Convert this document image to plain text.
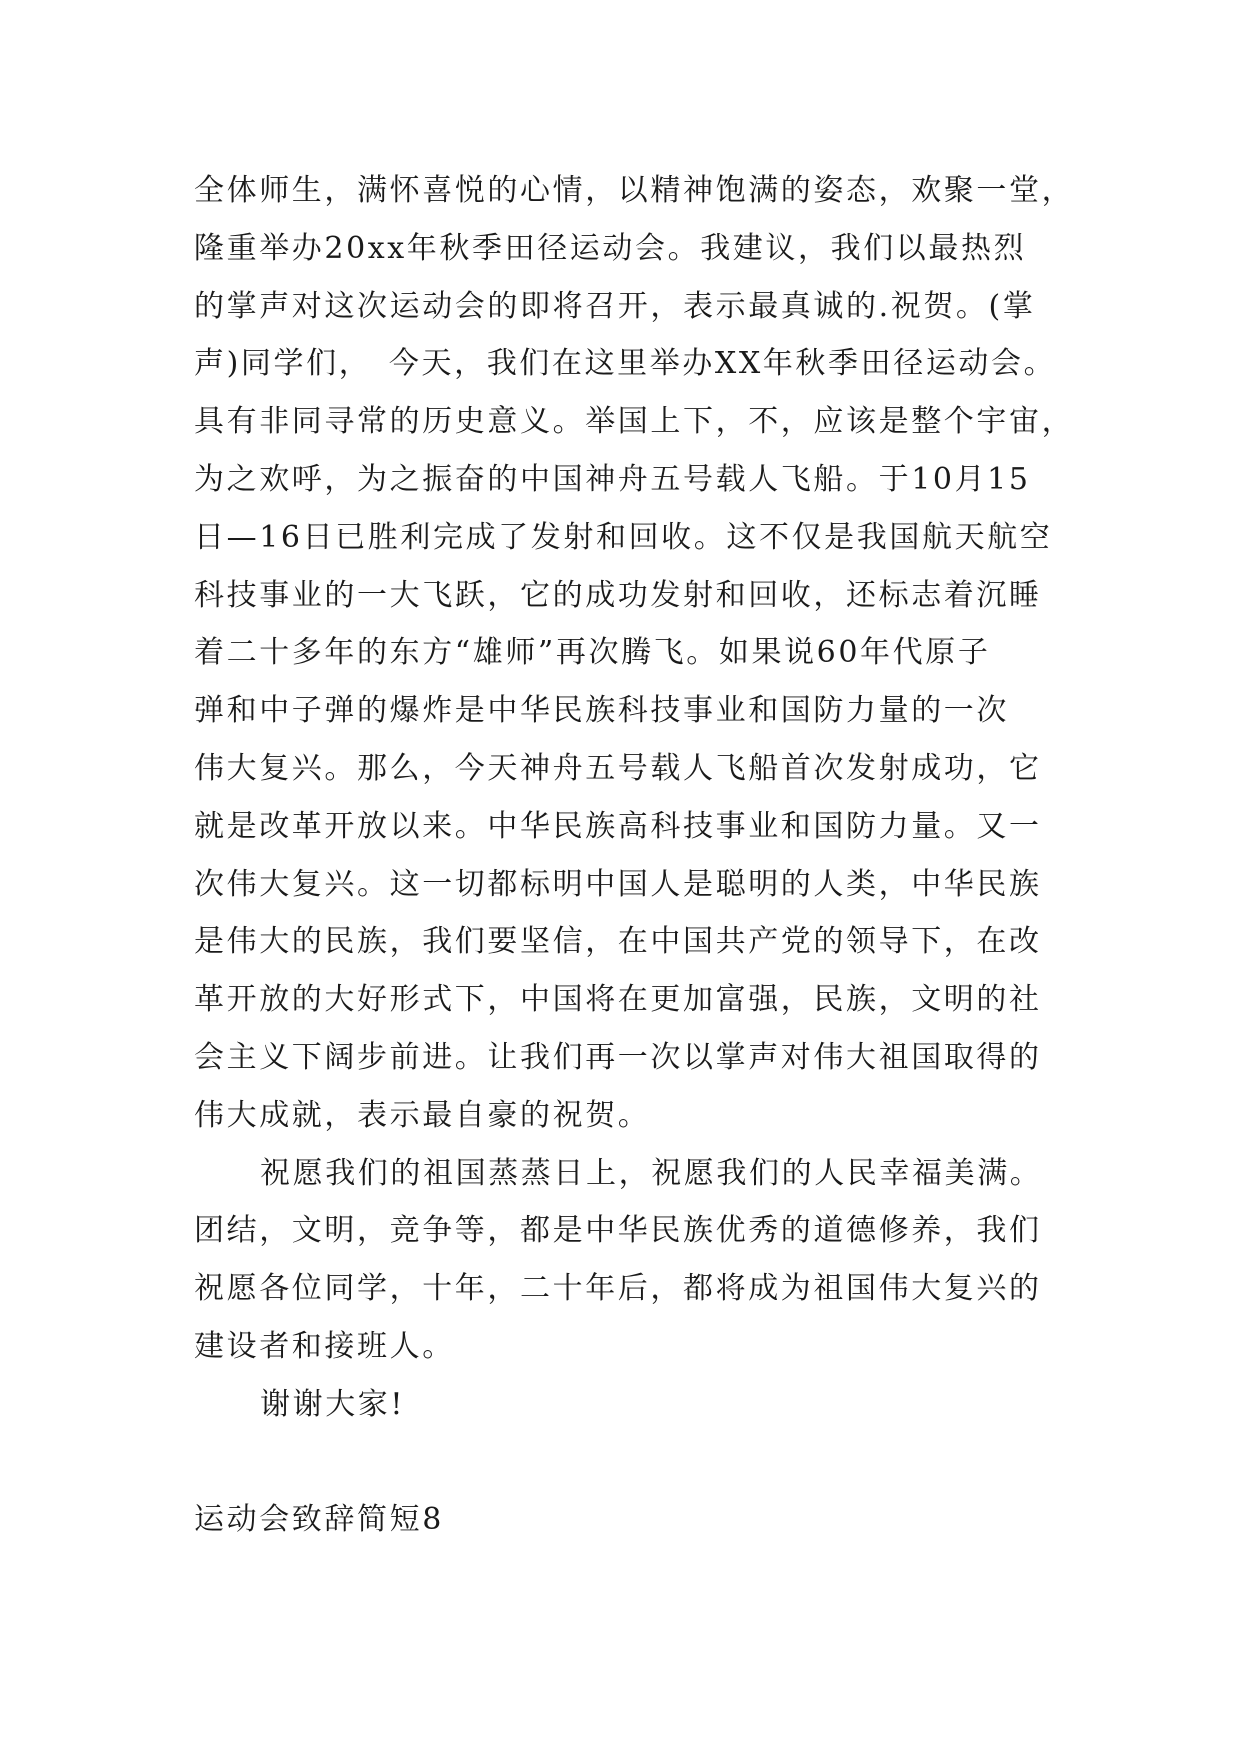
全体师生，满怀喜悦的心情，以精神饱满的姿态，欢聚一堂，
隆重举办20xx年秋季田径运动会。我建议，我们以最热烈
的掌声对这次运动会的即将召开，表示最真诚的.祝贺。(掌
声)同学们，　今天，我们在这里举办XX年秋季田径运动会。
具有非同寻常的历史意义。举国上下，不，应该是整个宇宙，
为之欢呼，为之振奋的中国神舟五号载人飞船。于10月15
日—16日已胜利完成了发射和回收。这不仅是我国航天航空
科技事业的一大飞跃，它的成功发射和回收，还标志着沉睡
着二十多年的东方“雄师”再次腾飞。如果说60年代原子
弹和中子弹的爆炸是中华民族科技事业和国防力量的一次
伟大复兴。那么，今天神舟五号载人飞船首次发射成功，它
就是改革开放以来。中华民族高科技事业和国防力量。又一
次伟大复兴。这一切都标明中国人是聪明的人类，中华民族
是伟大的民族，我们要坚信，在中国共产党的领导下，在改
革开放的大好形式下，中国将在更加富强，民族，文明的社
会主义下阔步前进。让我们再一次以掌声对伟大祖国取得的
伟大成就，表示最自豪的祝贺。
祝愿我们的祖国蒸蒸日上，祝愿我们的人民幸福美满。
团结，文明，竞争等，都是中华民族优秀的道德修养，我们
祝愿各位同学，十年，二十年后，都将成为祖国伟大复兴的
建设者和接班人。
谢谢大家!
运动会致辞简短8
